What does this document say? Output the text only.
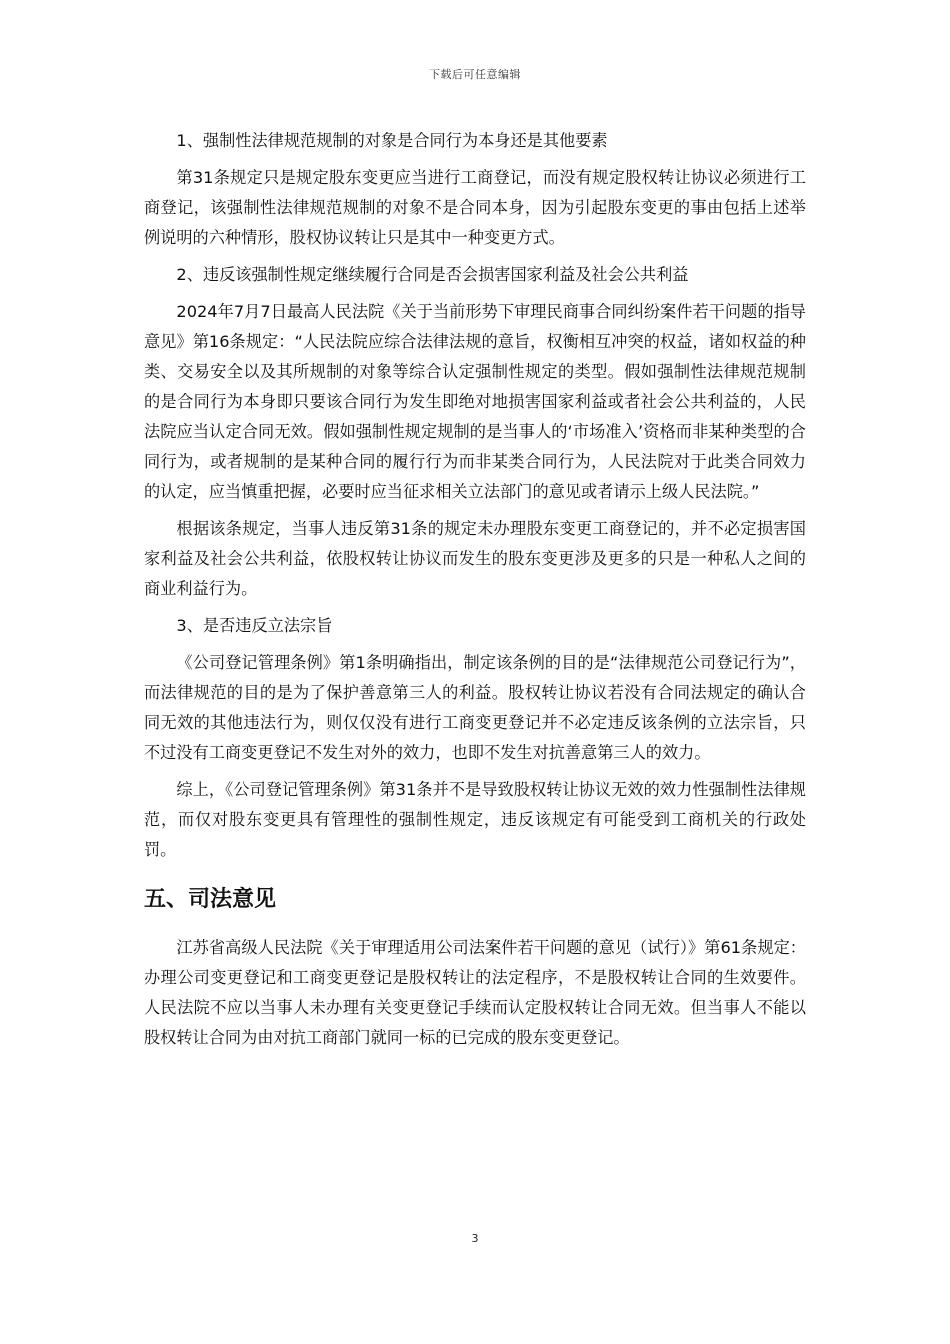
下载后可任意编辑
1、强制性法律规范规制的对象是合同行为本身还是其他要素
第31条规定只是规定股东变更应当进行工商登记，而没有规定股权转让协议必须进行工商登记，该强制性法律规范规制的对象不是合同本身，因为引起股东变更的事由包括上述举例说明的六种情形，股权协议转让只是其中一种变更方式。
2、违反该强制性规定继续履行合同是否会损害国家利益及社会公共利益
2024年7月7日最高人民法院《关于当前形势下审理民商事合同纠纷案件若干问题的指导意见》第16条规定：“人民法院应综合法律法规的意旨，权衡相互冲突的权益，诸如权益的种类、交易安全以及其所规制的对象等综合认定强制性规定的类型。假如强制性法律规范规制的是合同行为本身即只要该合同行为发生即绝对地损害国家利益或者社会公共利益的，人民法院应当认定合同无效。假如强制性规定规制的是当事人的‘市场准入’资格而非某种类型的合同行为，或者规制的是某种合同的履行行为而非某类合同行为，人民法院对于此类合同效力的认定，应当慎重把握，必要时应当征求相关立法部门的意见或者请示上级人民法院。”
根据该条规定，当事人违反第31条的规定未办理股东变更工商登记的，并不必定损害国家利益及社会公共利益，依股权转让协议而发生的股东变更涉及更多的只是一种私人之间的商业利益行为。
3、是否违反立法宗旨
《公司登记管理条例》第1条明确指出，制定该条例的目的是“法律规范公司登记行为”，而法律规范的目的是为了保护善意第三人的利益。股权转让协议若没有合同法规定的确认合同无效的其他违法行为，则仅仅没有进行工商变更登记并不必定违反该条例的立法宗旨，只不过没有工商变更登记不发生对外的效力，也即不发生对抗善意第三人的效力。
综上，《公司登记管理条例》第31条并不是导致股权转让协议无效的效力性强制性法律规范，而仅对股东变更具有管理性的强制性规定，违反该规定有可能受到工商机关的行政处罚。
五、司法意见
江苏省高级人民法院《关于审理适用公司法案件若干问题的意见（试行）》第61条规定：办理公司变更登记和工商变更登记是股权转让的法定程序，不是股权转让合同的生效要件。人民法院不应以当事人未办理有关变更登记手续而认定股权转让合同无效。但当事人不能以股权转让合同为由对抗工商部门就同一标的已完成的股东变更登记。
3
